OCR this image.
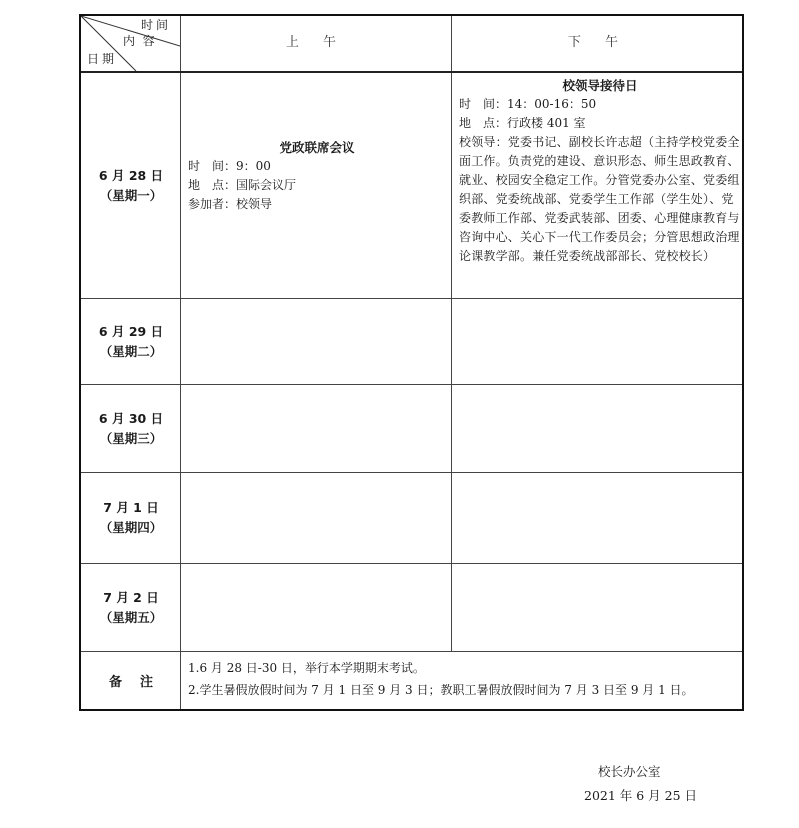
时间
内  容
日期
上 午	下 午
6 月 28 日
（星期一）
6 月 29 日
（星期二）
6 月 30 日
（星期三）
7 月 1 日
（星期四）
7 月 2 日
（星期五）
党政联席会议
时　间：9：00
地　点：国际会议厅
参加者：校领导
校领导接待日
时　间：14：00-16：50
地　点：行政楼 401 室
校领导：党委书记、副校长许志超（主持学校党委全面工作。负责党的建设、意识形态、师生思政教育、就业、校园安全稳定工作。分管党委办公室、党委组织部、党委统战部、党委学生工作部（学生处）、党委教师工作部、党委武装部、团委、心理健康教育与咨询中心、关心下一代工作委员会；分管思想政治理论课教学部。兼任党委统战部部长、党校校长）
备注
1.6 月 28 日-30 日，举行本学期期末考试。
2.学生暑假放假时间为 7 月 1 日至 9 月 3 日；教职工暑假放假时间为 7 月 3 日至 9 月 1 日。
校长办公室
2021 年 6 月 25 日
